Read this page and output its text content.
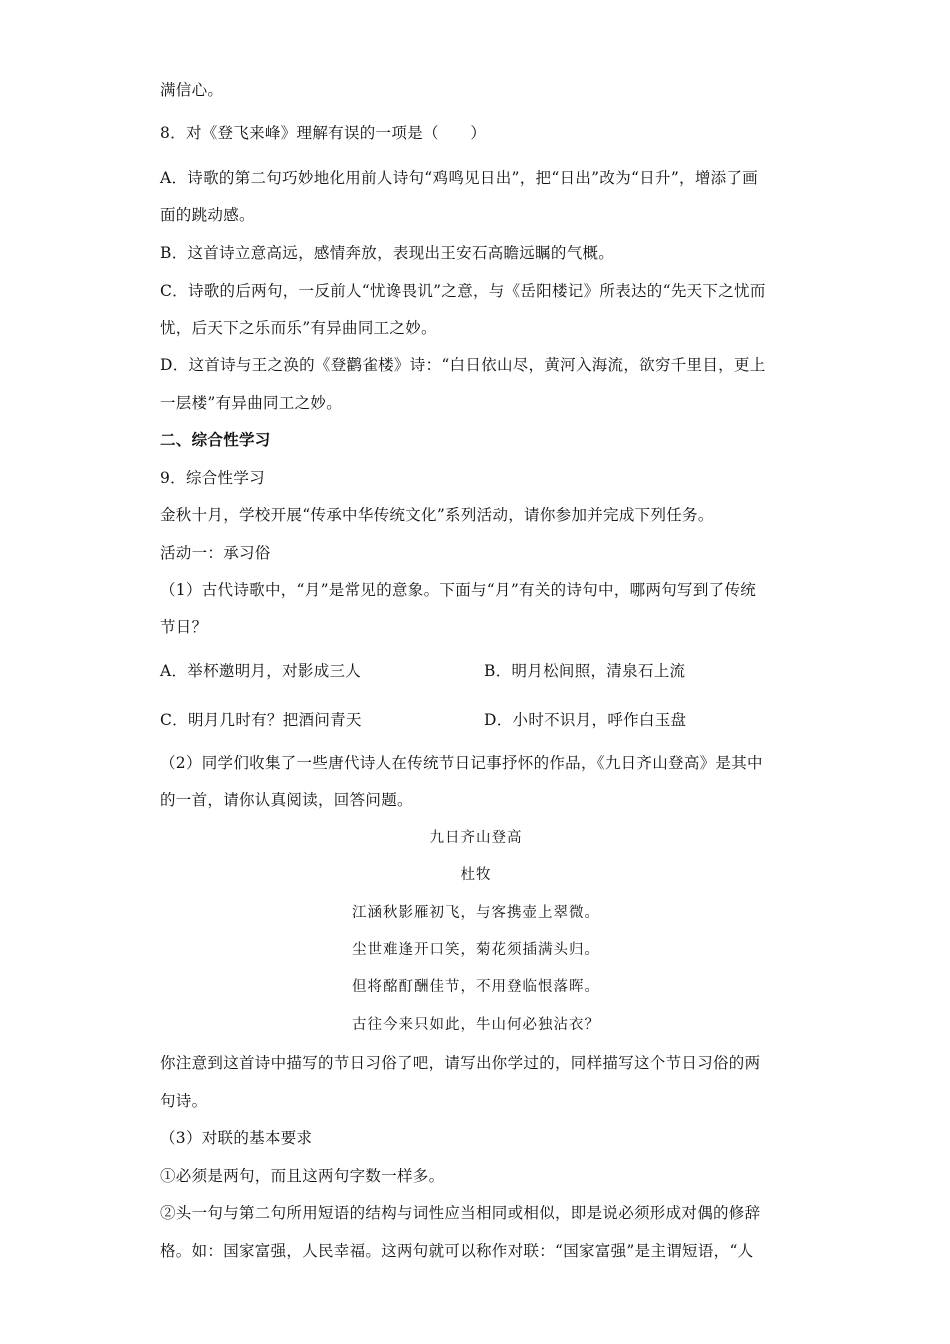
满信心。
8．对《登飞来峰》理解有误的一项是（　　）
A．诗歌的第二句巧妙地化用前人诗句“鸡鸣见日出”，把“日出”改为“日升”，增添了画
面的跳动感。
B．这首诗立意高远，感情奔放，表现出王安石高瞻远瞩的气概。
C．诗歌的后两句，一反前人“忧谗畏讥”之意，与《岳阳楼记》所表达的“先天下之忧而
忧，后天下之乐而乐”有异曲同工之妙。
D．这首诗与王之涣的《登鹳雀楼》诗：“白日依山尽，黄河入海流，欲穷千里目，更上
一层楼”有异曲同工之妙。
二、综合性学习
9．综合性学习
金秋十月，学校开展“传承中华传统文化”系列活动，请你参加并完成下列任务。
活动一：承习俗
（1）古代诗歌中，“月”是常见的意象。下面与“月”有关的诗句中，哪两句写到了传统
节日？
A．举杯邀明月，对影成三人	B．明月松间照，清泉石上流
C．明月几时有？把酒问青天	D．小时不识月，呼作白玉盘
（2）同学们收集了一些唐代诗人在传统节日记事抒怀的作品，《九日齐山登高》是其中
的一首，请你认真阅读，回答问题。
九日齐山登高
杜牧
江涵秋影雁初飞，与客携壶上翠微。
尘世难逢开口笑，菊花须插满头归。
但将酩酊酬佳节，不用登临恨落晖。
古往今来只如此，牛山何必独沾衣？
你注意到这首诗中描写的节日习俗了吧，请写出你学过的，同样描写这个节日习俗的两
句诗。
（3）对联的基本要求
①必须是两句，而且这两句字数一样多。
②头一句与第二句所用短语的结构与词性应当相同或相似，即是说必须形成对偶的修辞
格。如：国家富强，人民幸福。这两句就可以称作对联：“国家富强”是主谓短语，“人
